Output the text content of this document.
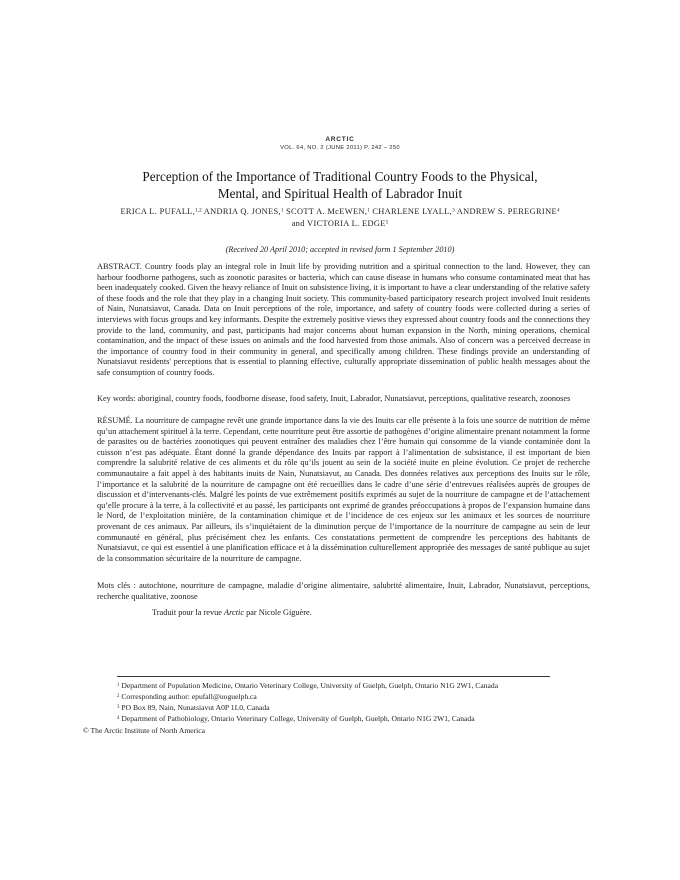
ARCTIC
VOL. 64, NO. 2 (JUNE 2011) P. 242 – 250
Perception of the Importance of Traditional Country Foods to the Physical,
Mental, and Spiritual Health of Labrador Inuit
ERICA L. PUFALL,$^{1,2}$ ANDRIA Q. JONES,$^1$ SCOTT A. McEWEN,$^1$ CHARLENE LYALL,$^3$ ANDREW S. PEREGRINE$^4$
and VICTORIA L. EDGE$^5$
(Received 20 April 2010; accepted in revised form 1 September 2010)

ABSTRACT. Country foods play an integral role in Inuit life by providing nutrition and a spiritual connection to the land. However, they can harbour foodborne pathogens, such as zoonotic parasites or bacteria, which can cause disease in humans who consume contaminated meat that has been inadequately cooked. Given the heavy reliance of Inuit on subsistence living, it is important to have a clear understanding of the relative safety of these foods and the role that they play in a changing Inuit society. This community-based participatory research project involved Inuit residents of Nain, Nunatsiavut, Canada. Data on Inuit perceptions of the role, importance, and safety of country foods were collected during a series of interviews with focus groups and key informants. Despite the extremely positive views they expressed about country foods and the connections they provide to the land, community, and past, participants had major concerns about human expansion in the North, mining operations, chemical contamination, and the impact of these issues on animals and the food harvested from those animals. Also of concern was a perceived decrease in the importance of country food in their community in general, and specifically among children. These findings provide an understanding of Nunatsiavut residents' perceptions that is essential to planning effective, culturally appropriate dissemination of public health messages about the safe consumption of country foods.

Key words: aboriginal, country foods, foodborne disease, food safety, Inuit, Labrador, Nunatsiavut, perceptions, qualitative research, zoonoses

RÉSUMÉ. La nourriture de campagne revêt une grande importance dans la vie des Inuits car elle présente à la fois une source de nutrition de même qu’un attachement spirituel à la terre. Cependant, cette nourriture peut être assortie de pathogènes d’origine alimentaire prenant notamment la forme de parasites ou de bactéries zoonotiques qui peuvent entraîner des maladies chez l’être humain qui consomme de la viande contaminée dont la cuisson n’est pas adéquate. Étant donné la grande dépendance des Inuits par rapport à l’alimentation de subsistance, il est important de bien comprendre la salubrité relative de ces aliments et du rôle qu’ils jouent au sein de la société inuite en pleine évolution. Ce projet de recherche communautaire a fait appel à des habitants inuits de Nain, Nunatsiavut, au Canada. Des données relatives aux perceptions des Inuits sur le rôle, l’importance et la salubrité de la nourriture de campagne ont été recueillies dans le cadre d’une série d’entrevues réalisées auprès de groupes de discussion et d’intervenants-clés. Malgré les points de vue extrêmement positifs exprimés au sujet de la nourriture de campagne et de l’attachement qu’elle procure à la terre, à la collectivité et au passé, les participants ont exprimé de grandes préoccupations à propos de l’expansion humaine dans le Nord, de l’exploitation minière, de la contamination chimique et de l’incidence de ces enjeux sur les animaux et les sources de nourriture provenant de ces animaux. Par ailleurs, ils s’inquiétaient de la diminution perçue de l’importance de la nourriture de campagne au sein de leur communauté en général, plus précisément chez les enfants. Ces constatations permettent de comprendre les perceptions des habitants de Nunatsiavut, ce qui est essentiel à une planification efficace et à la dissémination culturellement appropriée des messages de santé publique au sujet de la consommation sécuritaire de la nourriture de campagne.

Mots clés : autochtone, nourriture de campagne, maladie d’origine alimentaire, salubrité alimentaire, Inuit, Labrador, Nunatsiavut, perceptions, recherche qualitative, zoonose

Traduit pour la revue Arctic par Nicole Giguère.

$^1$ Department of Population Medicine, Ontario Veterinary College, University of Guelph, Guelph, Ontario N1G 2W1, Canada
$^2$ Corresponding author: epufall@uoguelph.ca
$^3$ PO Box 89, Nain, Nunatsiavut A0P 1L0, Canada
$^4$ Department of Pathobiology, Ontario Veterinary College, University of Guelph, Guelph, Ontario N1G 2W1, Canada
© The Arctic Institute of North America
